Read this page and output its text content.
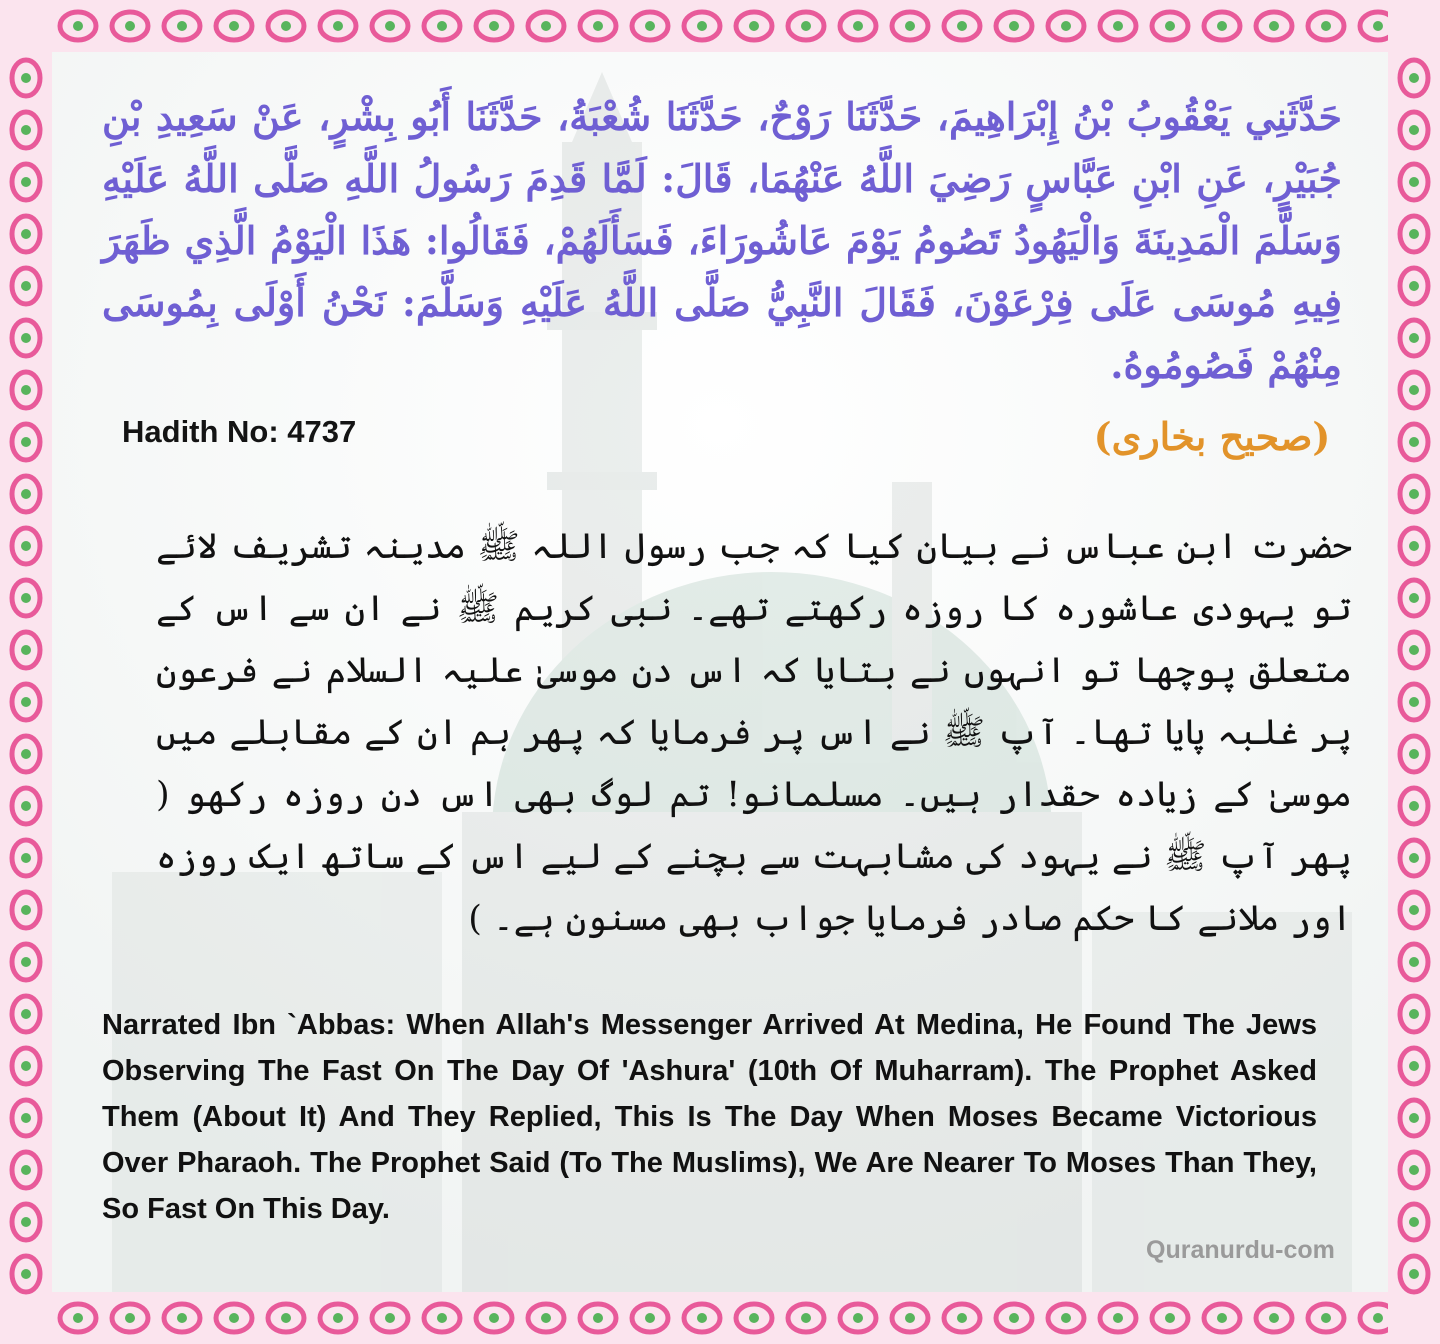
حَدَّثَنِي يَعْقُوبُ بْنُ إِبْرَاهِيمَ، حَدَّثَنَا رَوْحٌ، حَدَّثَنَا شُعْبَةُ، حَدَّثَنَا أَبُو بِشْرٍ، عَنْ سَعِيدِ بْنِ جُبَيْرٍ، عَنِ ابْنِ عَبَّاسٍ رَضِيَ اللَّهُ عَنْهُمَا، قَالَ: لَمَّا قَدِمَ رَسُولُ اللَّهِ صَلَّى اللَّهُ عَلَيْهِ وَسَلَّمَ الْمَدِينَةَ وَالْيَهُودُ تَصُومُ يَوْمَ عَاشُورَاءَ، فَسَأَلَهُمْ، فَقَالُوا: هَذَا الْيَوْمُ الَّذِي ظَهَرَ فِيهِ مُوسَى عَلَى فِرْعَوْنَ، فَقَالَ النَّبِيُّ صَلَّى اللَّهُ عَلَيْهِ وَسَلَّمَ: نَحْنُ أَوْلَى بِمُوسَى مِنْهُمْ فَصُومُوهُ.
Hadith No: 4737	(صحیح بخاری)
حضرت ابن عباس نے بیان کیا کہ جب رسول اللہ ﷺ مدینہ تشریف لائے تو یہودی عاشورہ کا روزہ رکھتے تھے۔ نبی کریم ﷺ نے ان سے اس کے متعلق پوچھا تو انہوں نے بتایا کہ اس دن موسیٰ علیہ السلام نے فرعون پر غلبہ پایا تھا۔ آپ ﷺ نے اس پر فرمایا کہ پھر ہم ان کے مقابلے میں موسیٰ کے زیادہ حقدار ہیں۔ مسلمانو! تم لوگ بھی اس دن روزہ رکھو ( پھر آپ ﷺ نے یہود کی مشابہت سے بچنے کے لیے اس کے ساتھ ایک روزہ اور ملانے کا حکم صادر فرمایا جواب بھی مسنون ہے۔ )
Narrated Ibn `Abbas: When Allah's Messenger Arrived At Medina, He Found The Jews Observing The Fast On The Day Of 'Ashura' (10th Of Muharram). The Prophet Asked Them (About It) And They Replied, This Is The Day When Moses Became Victorious Over Pharaoh. The Prophet Said (To The Muslims), We Are Nearer To Moses Than They, So Fast On This Day.
Quranurdu-com
